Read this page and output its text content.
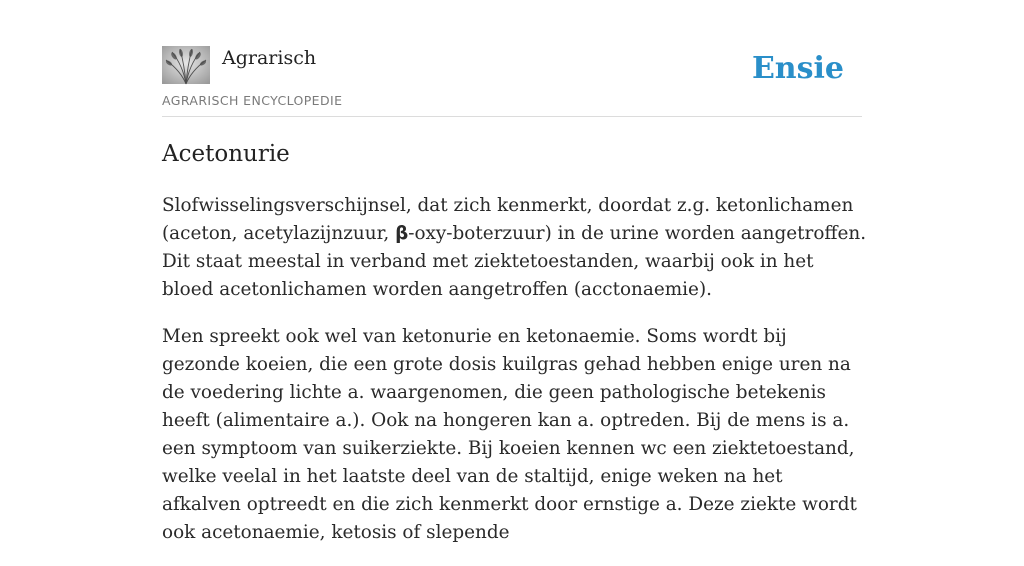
Agrarisch
AGRARISCH ENCYCLOPEDIE
Ensie
Acetonurie

Slofwisselingsverschijnsel, dat zich kenmerkt, doordat z.g. ketonlichamen (aceton, acetylazijnzuur, β-oxy-boterzuur) in de urine worden aangetroffen. Dit staat meestal in verband met ziektetoestanden, waarbij ook in het bloed acetonlichamen worden aangetroffen (acctonaemie).

Men spreekt ook wel van ketonurie en ketonaemie. Soms wordt bij gezonde koeien, die een grote dosis kuilgras gehad hebben enige uren na de voedering lichte a. waargenomen, die geen pathologische betekenis heeft (alimentaire a.). Ook na hongeren kan a. optreden. Bij de mens is a. een symptoom van suikerziekte. Bij koeien kennen wc een ziektetoestand, welke veelal in het laatste deel van de staltijd, enige weken na het afkalven optreedt en die zich kenmerkt door ernstige a. Deze ziekte wordt ook acetonaemie, ketosis of slepende
